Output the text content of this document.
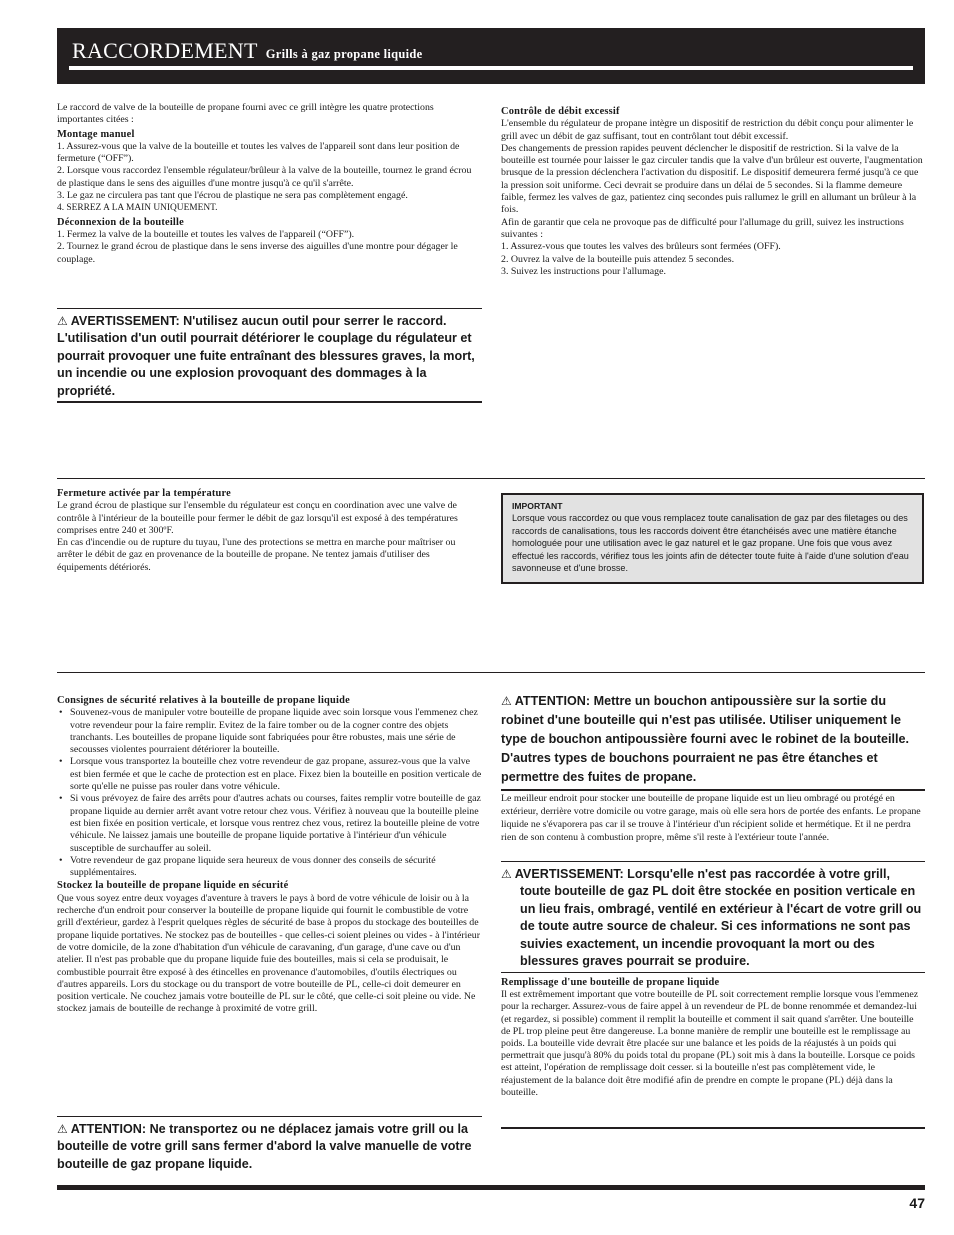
RACCORDEMENT Grills à gaz propane liquide

Le raccord de valve de la bouteille de propane fourni avec ce grill intègre les quatre protections importantes citées :

Montage manuel

1. Assurez-vous que la valve de la bouteille et toutes les valves de l'appareil sont dans leur position de fermeture (“OFF”).

2. Lorsque vous raccordez l'ensemble régulateur/brûleur à la valve de la bouteille, tournez le grand écrou de plastique dans le sens des aiguilles d'une montre jusqu'à ce qu'il s'arrête.

3. Le gaz ne circulera pas tant que l'écrou de plastique ne sera pas complètement engagé.

4. SERREZ A LA MAIN UNIQUEMENT.

Déconnexion de la bouteille

1. Fermez la valve de la bouteille et toutes les valves de l'appareil (“OFF”).

2. Tournez le grand écrou de plastique dans le sens inverse des aiguilles d'une montre pour dégager le couplage.

⚠ AVERTISSEMENT: N'utilisez aucun outil pour serrer le raccord. L'utilisation d'un outil pourrait détériorer le couplage du régulateur et pourrait provoquer une fuite entraînant des blessures graves, la mort, un incendie ou une explosion provoquant des dommages à la propriété.

Contrôle de débit excessif

L'ensemble du régulateur de propane intègre un dispositif de restriction du débit conçu pour alimenter le grill avec un débit de gaz suffisant, tout en contrôlant tout débit excessif.

Des changements de pression rapides peuvent déclencher le dispositif de restriction. Si la valve de la bouteille est tournée pour laisser le gaz circuler tandis que la valve d'un brûleur est ouverte, l'augmentation brusque de la pression déclenchera l'activation du dispositif. Le dispositif demeurera fermé jusqu'à ce que la pression soit uniforme. Ceci devrait se produire dans un délai de 5 secondes. Si la flamme demeure faible, fermez les valves de gaz, patientez cinq secondes puis rallumez le grill en allumant un brûleur à la fois.

Afin de garantir que cela ne provoque pas de difficulté pour l'allumage du grill, suivez les instructions suivantes :

1. Assurez-vous que toutes les valves des brûleurs sont fermées (OFF).

2. Ouvrez la valve de la bouteille puis attendez 5 secondes.

3. Suivez les instructions pour l'allumage.

Fermeture activée par la température

Le grand écrou de plastique sur l'ensemble du régulateur est conçu en coordination avec une valve de contrôle à l'intérieur de la bouteille pour fermer le débit de gaz lorsqu'il est exposé à des températures comprises entre 240 et 300ºF.

En cas d'incendie ou de rupture du tuyau, l'une des protections se mettra en marche pour maîtriser ou arrêter le débit de gaz en provenance de la bouteille de propane. Ne tentez jamais d'utiliser des équipements détériorés.

IMPORTANT
Lorsque vous raccordez ou que vous remplacez toute canalisation de gaz par des filetages ou des raccords de canalisations, tous les raccords doivent être étanchéisés avec une matière étanche homologuée pour une utilisation avec le gaz naturel et le gaz propane. Une fois que vous avez effectué les raccords, vérifiez tous les joints afin de détecter toute fuite à l'aide d'une solution d'eau savonneuse et d'une brosse.

Consignes de sécurité relatives à la bouteille de propane liquide

• Souvenez-vous de manipuler votre bouteille de propane liquide avec soin lorsque vous l'emmenez chez votre revendeur pour la faire remplir. Evitez de la faire tomber ou de la cogner contre des objets tranchants. Les bouteilles de propane liquide sont fabriquées pour être robustes, mais une série de secousses violentes pourraient détériorer la bouteille.
• Lorsque vous transportez la bouteille chez votre revendeur de gaz propane, assurez-vous que la valve est bien fermée et que le cache de protection est en place. Fixez bien la bouteille en position verticale de sorte qu'elle ne puisse pas rouler dans votre véhicule.
• Si vous prévoyez de faire des arrêts pour d'autres achats ou courses, faites remplir votre bouteille de gaz propane liquide au dernier arrêt avant votre retour chez vous. Vérifiez à nouveau que la bouteille pleine est bien fixée en position verticale, et lorsque vous rentrez chez vous, retirez la bouteille pleine de votre véhicule. Ne laissez jamais une bouteille de propane liquide portative à l'intérieur d'un véhicule susceptible de surchauffer au soleil.
• Votre revendeur de gaz propane liquide sera heureux de vous donner des conseils de sécurité supplémentaires.

Stockez la bouteille de propane liquide en sécurité

Que vous soyez entre deux voyages d'aventure à travers le pays à bord de votre véhicule de loisir ou à la recherche d'un endroit pour conserver la bouteille de propane liquide qui fournit le combustible de votre grill d'extérieur, gardez à l'esprit quelques règles de sécurité de base à propos du stockage des bouteilles de propane liquide portatives. Ne stockez pas de bouteilles - que celles-ci soient pleines ou vides - à l'intérieur de votre domicile, de la zone d'habitation d'un véhicule de caravaning, d'un garage, d'une cave ou d'un atelier. Il n'est pas probable que du propane liquide fuie des bouteilles, mais si cela se produisait, le combustible pourrait être exposé à des étincelles en provenance d'automobiles, d'outils électriques ou d'autres appareils. Lors du stockage ou du transport de votre bouteille de PL, celle-ci doit demeurer en position verticale. Ne couchez jamais votre bouteille de PL sur le côté, que celle-ci soit pleine ou vide. Ne stockez jamais de bouteille de rechange à proximité de votre grill.

⚠ ATTENTION: Ne transportez ou ne déplacez jamais votre grill ou la bouteille de votre grill sans fermer d'abord la valve manuelle de votre bouteille de gaz propane liquide.
⚠ ATTENTION: Mettre un bouchon antipoussière sur la sortie du robinet d'une bouteille qui n'est pas utilisée. Utiliser uniquement le type de bouchon antipoussière fourni avec le robinet de la bouteille. D'autres types de bouchons pourraient ne pas être étanches et permettre des fuites de propane.

Le meilleur endroit pour stocker une bouteille de propane liquide est un lieu ombragé ou protégé en extérieur, derrière votre domicile ou votre garage, mais où elle sera hors de portée des enfants. Le propane liquide ne s'évaporera pas car il se trouve à l'intérieur d'un récipient solide et hermétique. Et il ne perdra rien de son contenu à combustion propre, même s'il reste à l'extérieur toute l'année.

⚠ AVERTISSEMENT: Lorsqu'elle n'est pas raccordée à votre grill,
toute bouteille de gaz PL doit être stockée en position verticale en un lieu frais, ombragé, ventilé en extérieur à l'écart de votre grill ou de toute autre source de chaleur. Si ces informations ne sont pas suivies exactement, un incendie provoquant la mort ou des blessures graves pourrait se produire.

Remplissage d'une bouteille de propane liquide

Il est extrêmement important que votre bouteille de PL soit correctement remplie lorsque vous l'emmenez pour la recharger. Assurez-vous de faire appel à un revendeur de PL de bonne renommée et demandez-lui (et regardez, si possible) comment il remplit la bouteille et comment il sait quand s'arrêter. Une bouteille de PL trop pleine peut être dangereuse. La bonne manière de remplir une bouteille est le remplissage au poids. La bouteille vide devrait être placée sur une balance et les poids de la réajustés à un poids qui permettrait que jusqu'à 80% du poids total du propane (PL) soit mis à dans la bouteille. Lorsque ce poids est atteint, l'opération de remplissage doit cesser. si la bouteille n'est pas complètement vide, le réajustement de la balance doit être modifié afin de prendre en compte le propane (PL) déjà dans la bouteille.

47
